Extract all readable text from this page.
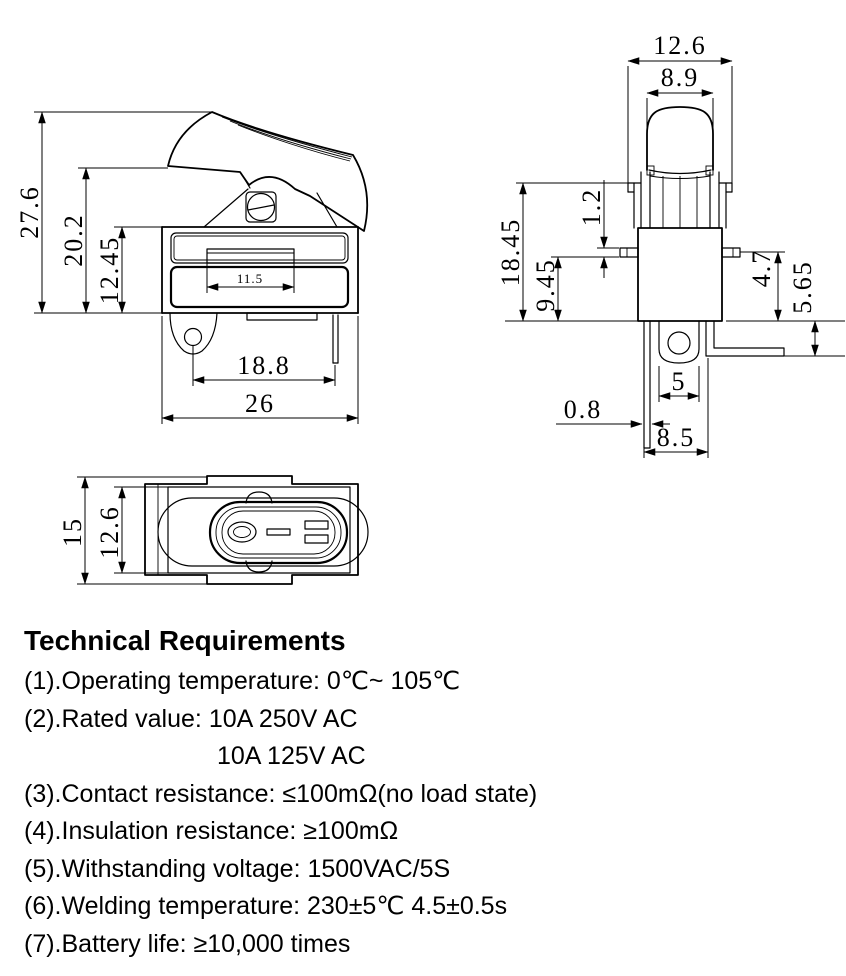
27.6
20.2 12.45	11.5
18.8
26
12.6
8.9
18.45 9.45
1.2
4.7 5.65
5
0.8
8.5
15 12.6
Technical Requirements
(1).Operating temperature: 0℃~ 105℃
(2).Rated value: 10A 250V AC
10A 125V AC
(3).Contact resistance: ≤100mΩ(no load state)
(4).Insulation resistance: ≥100mΩ
(5).Withstanding voltage: 1500VAC/5S
(6).Welding temperature: 230±5℃ 4.5±0.5s
(7).Battery life: ≥10,000 times
